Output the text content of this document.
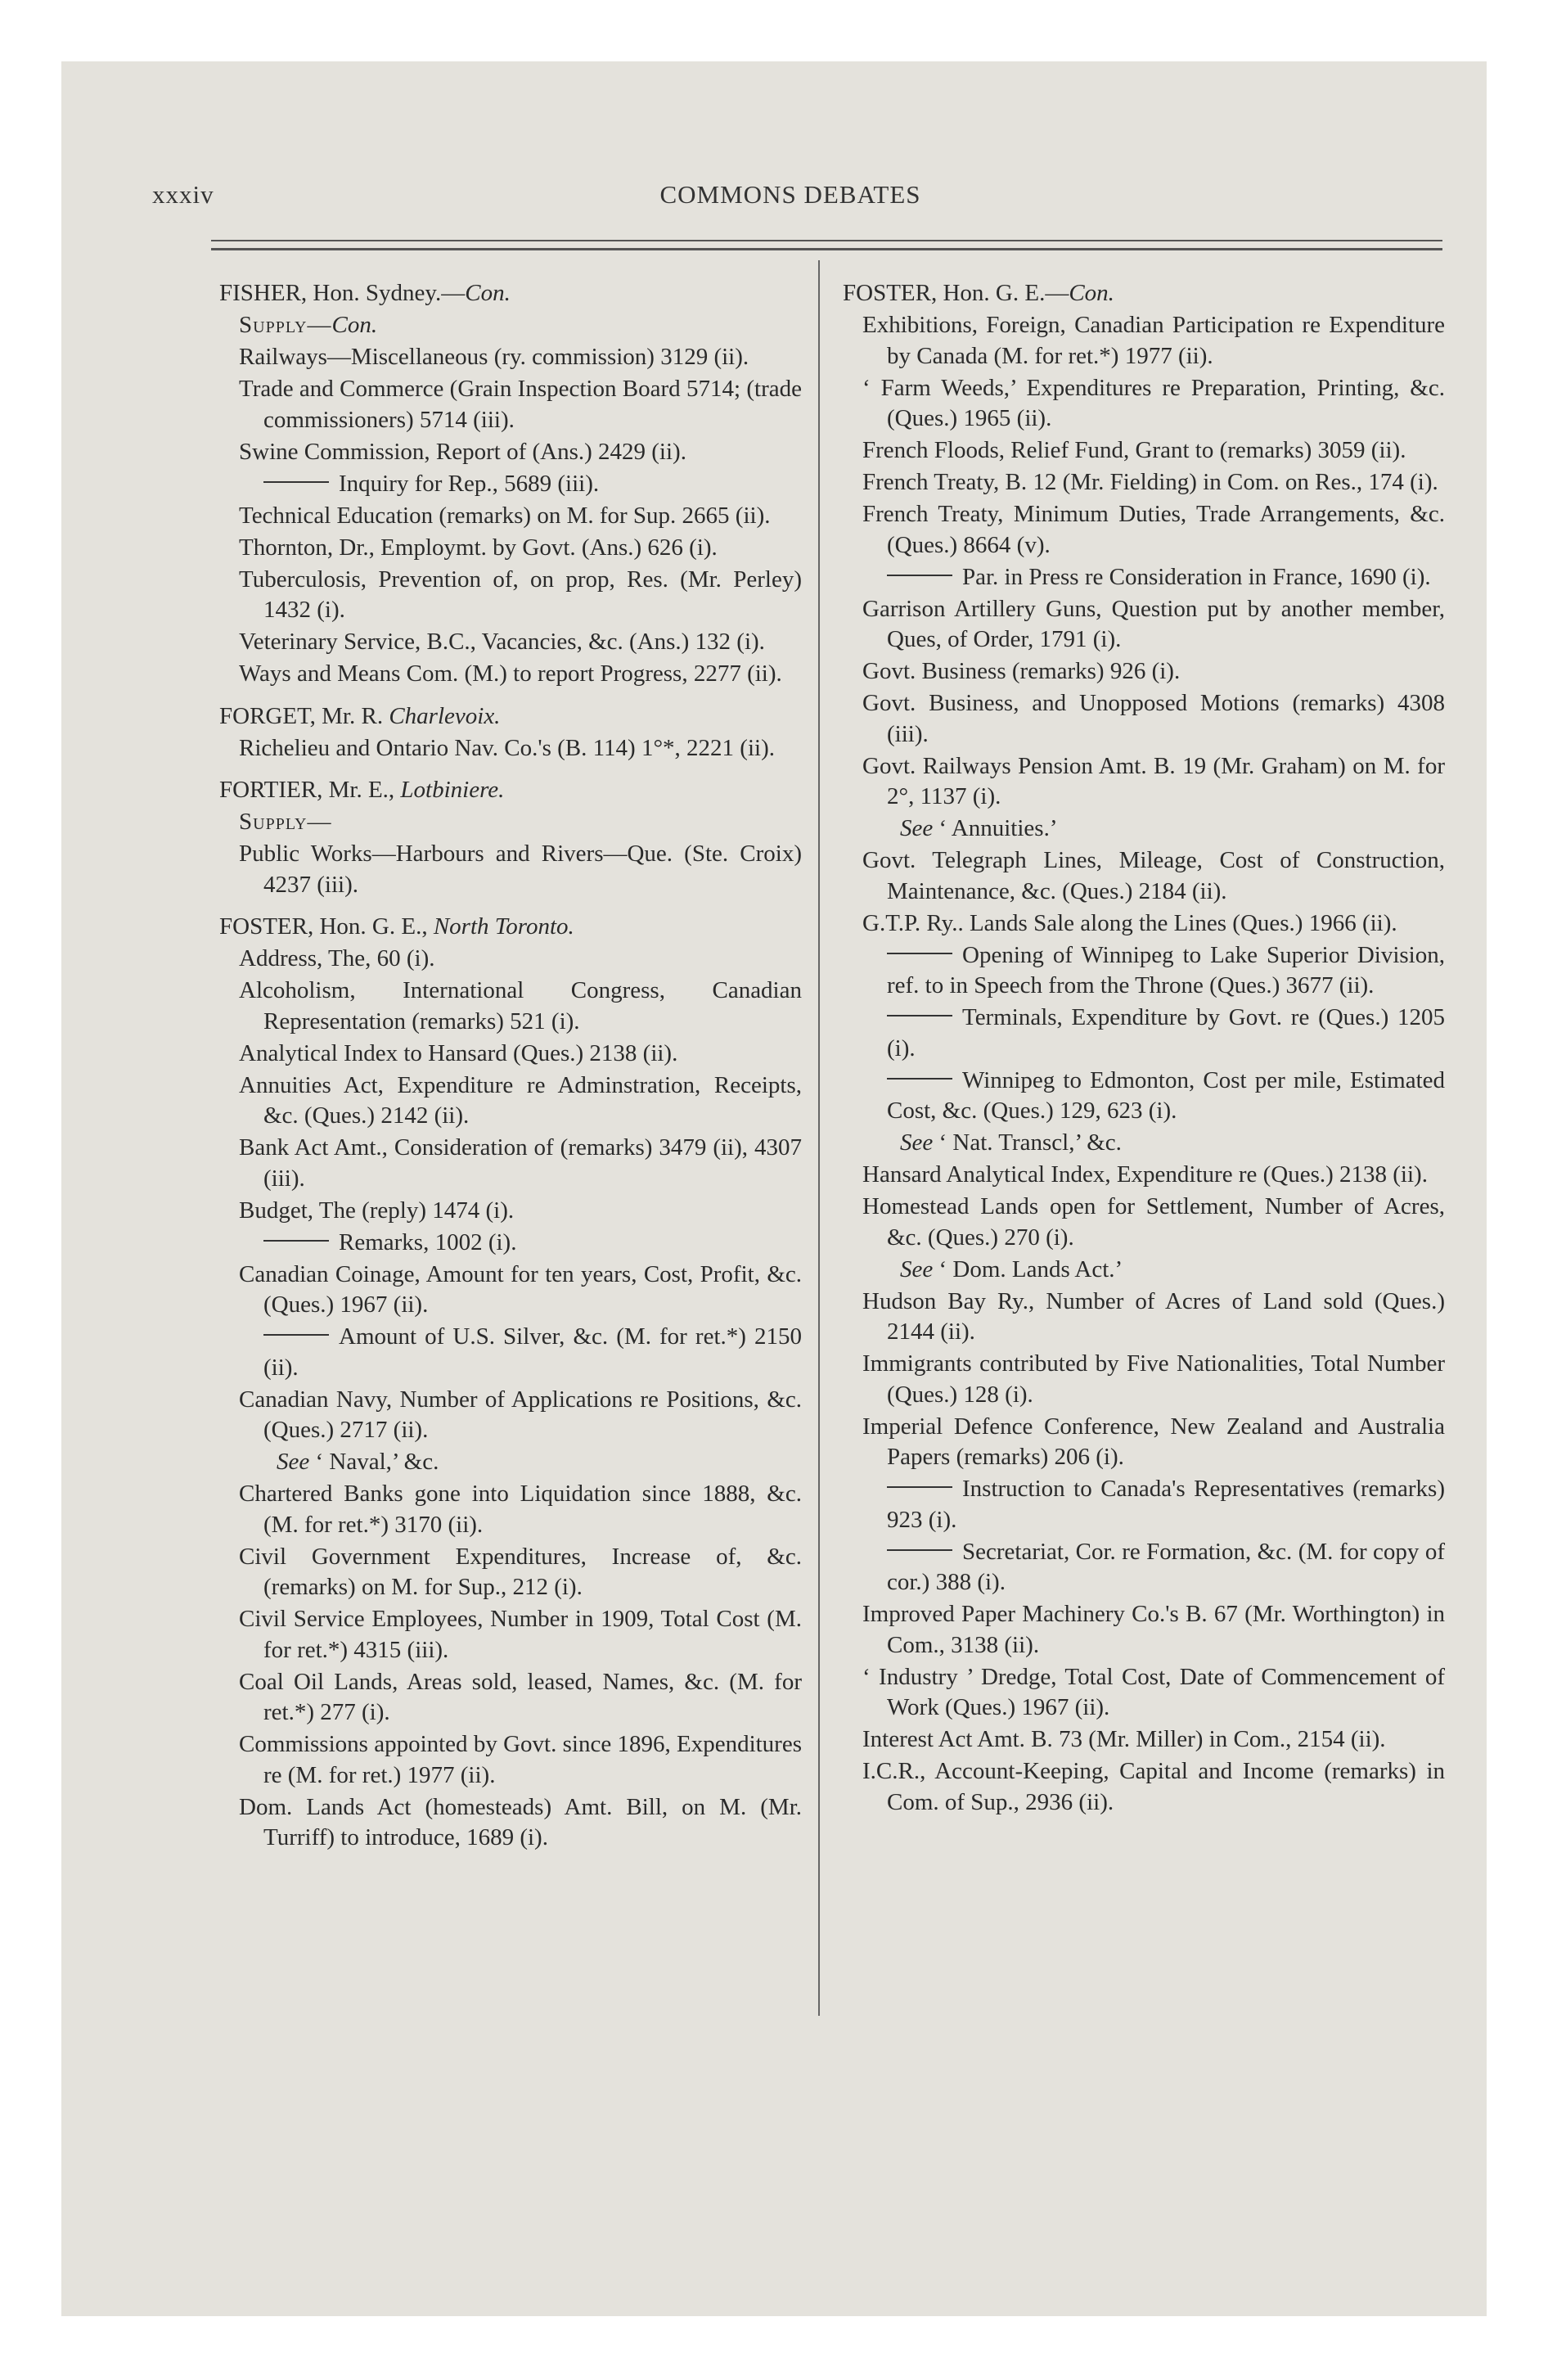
xxxiv	COMMONS DEBATES
FISHER, Hon. Sydney.—Con.
Supply—Con.
Railways—Miscellaneous (ry. commission) 3129 (ii).
Trade and Commerce (Grain Inspection Board 5714; (trade commissioners) 5714 (iii).
Swine Commission, Report of (Ans.) 2429 (ii).
Inquiry for Rep., 5689 (iii).
Technical Education (remarks) on M. for Sup. 2665 (ii).
Thornton, Dr., Employmt. by Govt. (Ans.) 626 (i).
Tuberculosis, Prevention of, on prop, Res. (Mr. Perley) 1432 (i).
Veterinary Service, B.C., Vacancies, &c. (Ans.) 132 (i).
Ways and Means Com. (M.) to report Progress, 2277 (ii).
FORGET, Mr. R. Charlevoix.
Richelieu and Ontario Nav. Co.'s (B. 114) 1°*, 2221 (ii).
FORTIER, Mr. E., Lotbiniere.
Supply—
Public Works—Harbours and Rivers—Que. (Ste. Croix) 4237 (iii).
FOSTER, Hon. G. E., North Toronto.
Address, The, 60 (i).
Alcoholism, International Congress, Canadian Representation (remarks) 521 (i).
Analytical Index to Hansard (Ques.) 2138 (ii).
Annuities Act, Expenditure re Adminstration, Receipts, &c. (Ques.) 2142 (ii).
Bank Act Amt., Consideration of (remarks) 3479 (ii), 4307 (iii).
Budget, The (reply) 1474 (i).
Remarks, 1002 (i).
Canadian Coinage, Amount for ten years, Cost, Profit, &c. (Ques.) 1967 (ii).
Amount of U.S. Silver, &c. (M. for ret.*) 2150 (ii).
Canadian Navy, Number of Applications re Positions, &c. (Ques.) 2717 (ii).
See ‘ Naval,’ &c.
Chartered Banks gone into Liquidation since 1888, &c. (M. for ret.*) 3170 (ii).
Civil Government Expenditures, Increase of, &c. (remarks) on M. for Sup., 212 (i).
Civil Service Employees, Number in 1909, Total Cost (M. for ret.*) 4315 (iii).
Coal Oil Lands, Areas sold, leased, Names, &c. (M. for ret.*) 277 (i).
Commissions appointed by Govt. since 1896, Expenditures re (M. for ret.) 1977 (ii).
Dom. Lands Act (homesteads) Amt. Bill, on M. (Mr. Turriff) to introduce, 1689 (i).
FOSTER, Hon. G. E.—Con.
Exhibitions, Foreign, Canadian Participation re Expenditure by Canada (M. for ret.*) 1977 (ii).
‘ Farm Weeds,’ Expenditures re Preparation, Printing, &c. (Ques.) 1965 (ii).
French Floods, Relief Fund, Grant to (remarks) 3059 (ii).
French Treaty, B. 12 (Mr. Fielding) in Com. on Res., 174 (i).
French Treaty, Minimum Duties, Trade Arrangements, &c. (Ques.) 8664 (v).
Par. in Press re Consideration in France, 1690 (i).
Garrison Artillery Guns, Question put by another member, Ques, of Order, 1791 (i).
Govt. Business (remarks) 926 (i).
Govt. Business, and Unopposed Motions (remarks) 4308 (iii).
Govt. Railways Pension Amt. B. 19 (Mr. Graham) on M. for 2°, 1137 (i).
See ‘ Annuities.’
Govt. Telegraph Lines, Mileage, Cost of Construction, Maintenance, &c. (Ques.) 2184 (ii).
G.T.P. Ry.. Lands Sale along the Lines (Ques.) 1966 (ii).
Opening of Winnipeg to Lake Superior Division, ref. to in Speech from the Throne (Ques.) 3677 (ii).
Terminals, Expenditure by Govt. re (Ques.) 1205 (i).
Winnipeg to Edmonton, Cost per mile, Estimated Cost, &c. (Ques.) 129, 623 (i).
See ‘ Nat. Transcl,’ &c.
Hansard Analytical Index, Expenditure re (Ques.) 2138 (ii).
Homestead Lands open for Settlement, Number of Acres, &c. (Ques.) 270 (i).
See ‘ Dom. Lands Act.’
Hudson Bay Ry., Number of Acres of Land sold (Ques.) 2144 (ii).
Immigrants contributed by Five Nationalities, Total Number (Ques.) 128 (i).
Imperial Defence Conference, New Zealand and Australia Papers (remarks) 206 (i).
Instruction to Canada's Representatives (remarks) 923 (i).
Secretariat, Cor. re Formation, &c. (M. for copy of cor.) 388 (i).
Improved Paper Machinery Co.'s B. 67 (Mr. Worthington) in Com., 3138 (ii).
‘ Industry ’ Dredge, Total Cost, Date of Commencement of Work (Ques.) 1967 (ii).
Interest Act Amt. B. 73 (Mr. Miller) in Com., 2154 (ii).
I.C.R., Account-Keeping, Capital and Income (remarks) in Com. of Sup., 2936 (ii).
